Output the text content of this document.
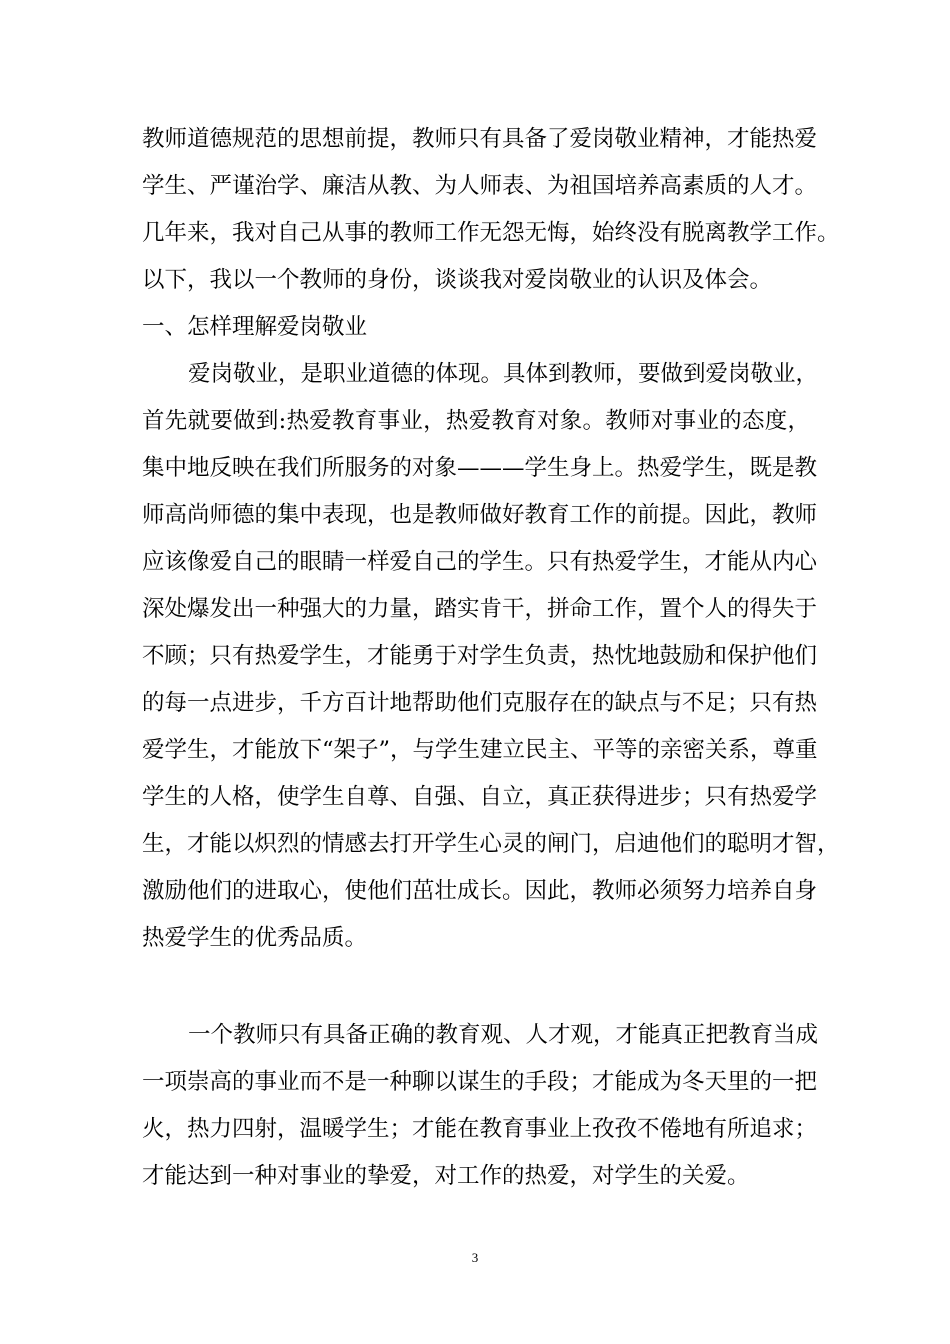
教师道德规范的思想前提，教师只有具备了爱岗敬业精神，才能热爱
学生、严谨治学、廉洁从教、为人师表、为祖国培养高素质的人才。
几年来，我对自己从事的教师工作无怨无悔，始终没有脱离教学工作。
以下，我以一个教师的身份，谈谈我对爱岗敬业的认识及体会。
一、怎样理解爱岗敬业
爱岗敬业，是职业道德的体现。具体到教师，要做到爱岗敬业，
首先就要做到:热爱教育事业，热爱教育对象。教师对事业的态度，
集中地反映在我们所服务的对象———学生身上。热爱学生，既是教
师高尚师德的集中表现，也是教师做好教育工作的前提。因此，教师
应该像爱自己的眼睛一样爱自己的学生。只有热爱学生，才能从内心
深处爆发出一种强大的力量，踏实肯干，拼命工作，置个人的得失于
不顾；只有热爱学生，才能勇于对学生负责，热忱地鼓励和保护他们
的每一点进步，千方百计地帮助他们克服存在的缺点与不足；只有热
爱学生，才能放下“架子”，与学生建立民主、平等的亲密关系，尊重
学生的人格，使学生自尊、自强、自立，真正获得进步；只有热爱学
生，才能以炽烈的情感去打开学生心灵的闸门，启迪他们的聪明才智，
激励他们的进取心，使他们茁壮成长。因此，教师必须努力培养自身
热爱学生的优秀品质。
一个教师只有具备正确的教育观、人才观，才能真正把教育当成
一项崇高的事业而不是一种聊以谋生的手段；才能成为冬天里的一把
火，热力四射，温暖学生；才能在教育事业上孜孜不倦地有所追求；
才能达到一种对事业的挚爱，对工作的热爱，对学生的关爱。
3
